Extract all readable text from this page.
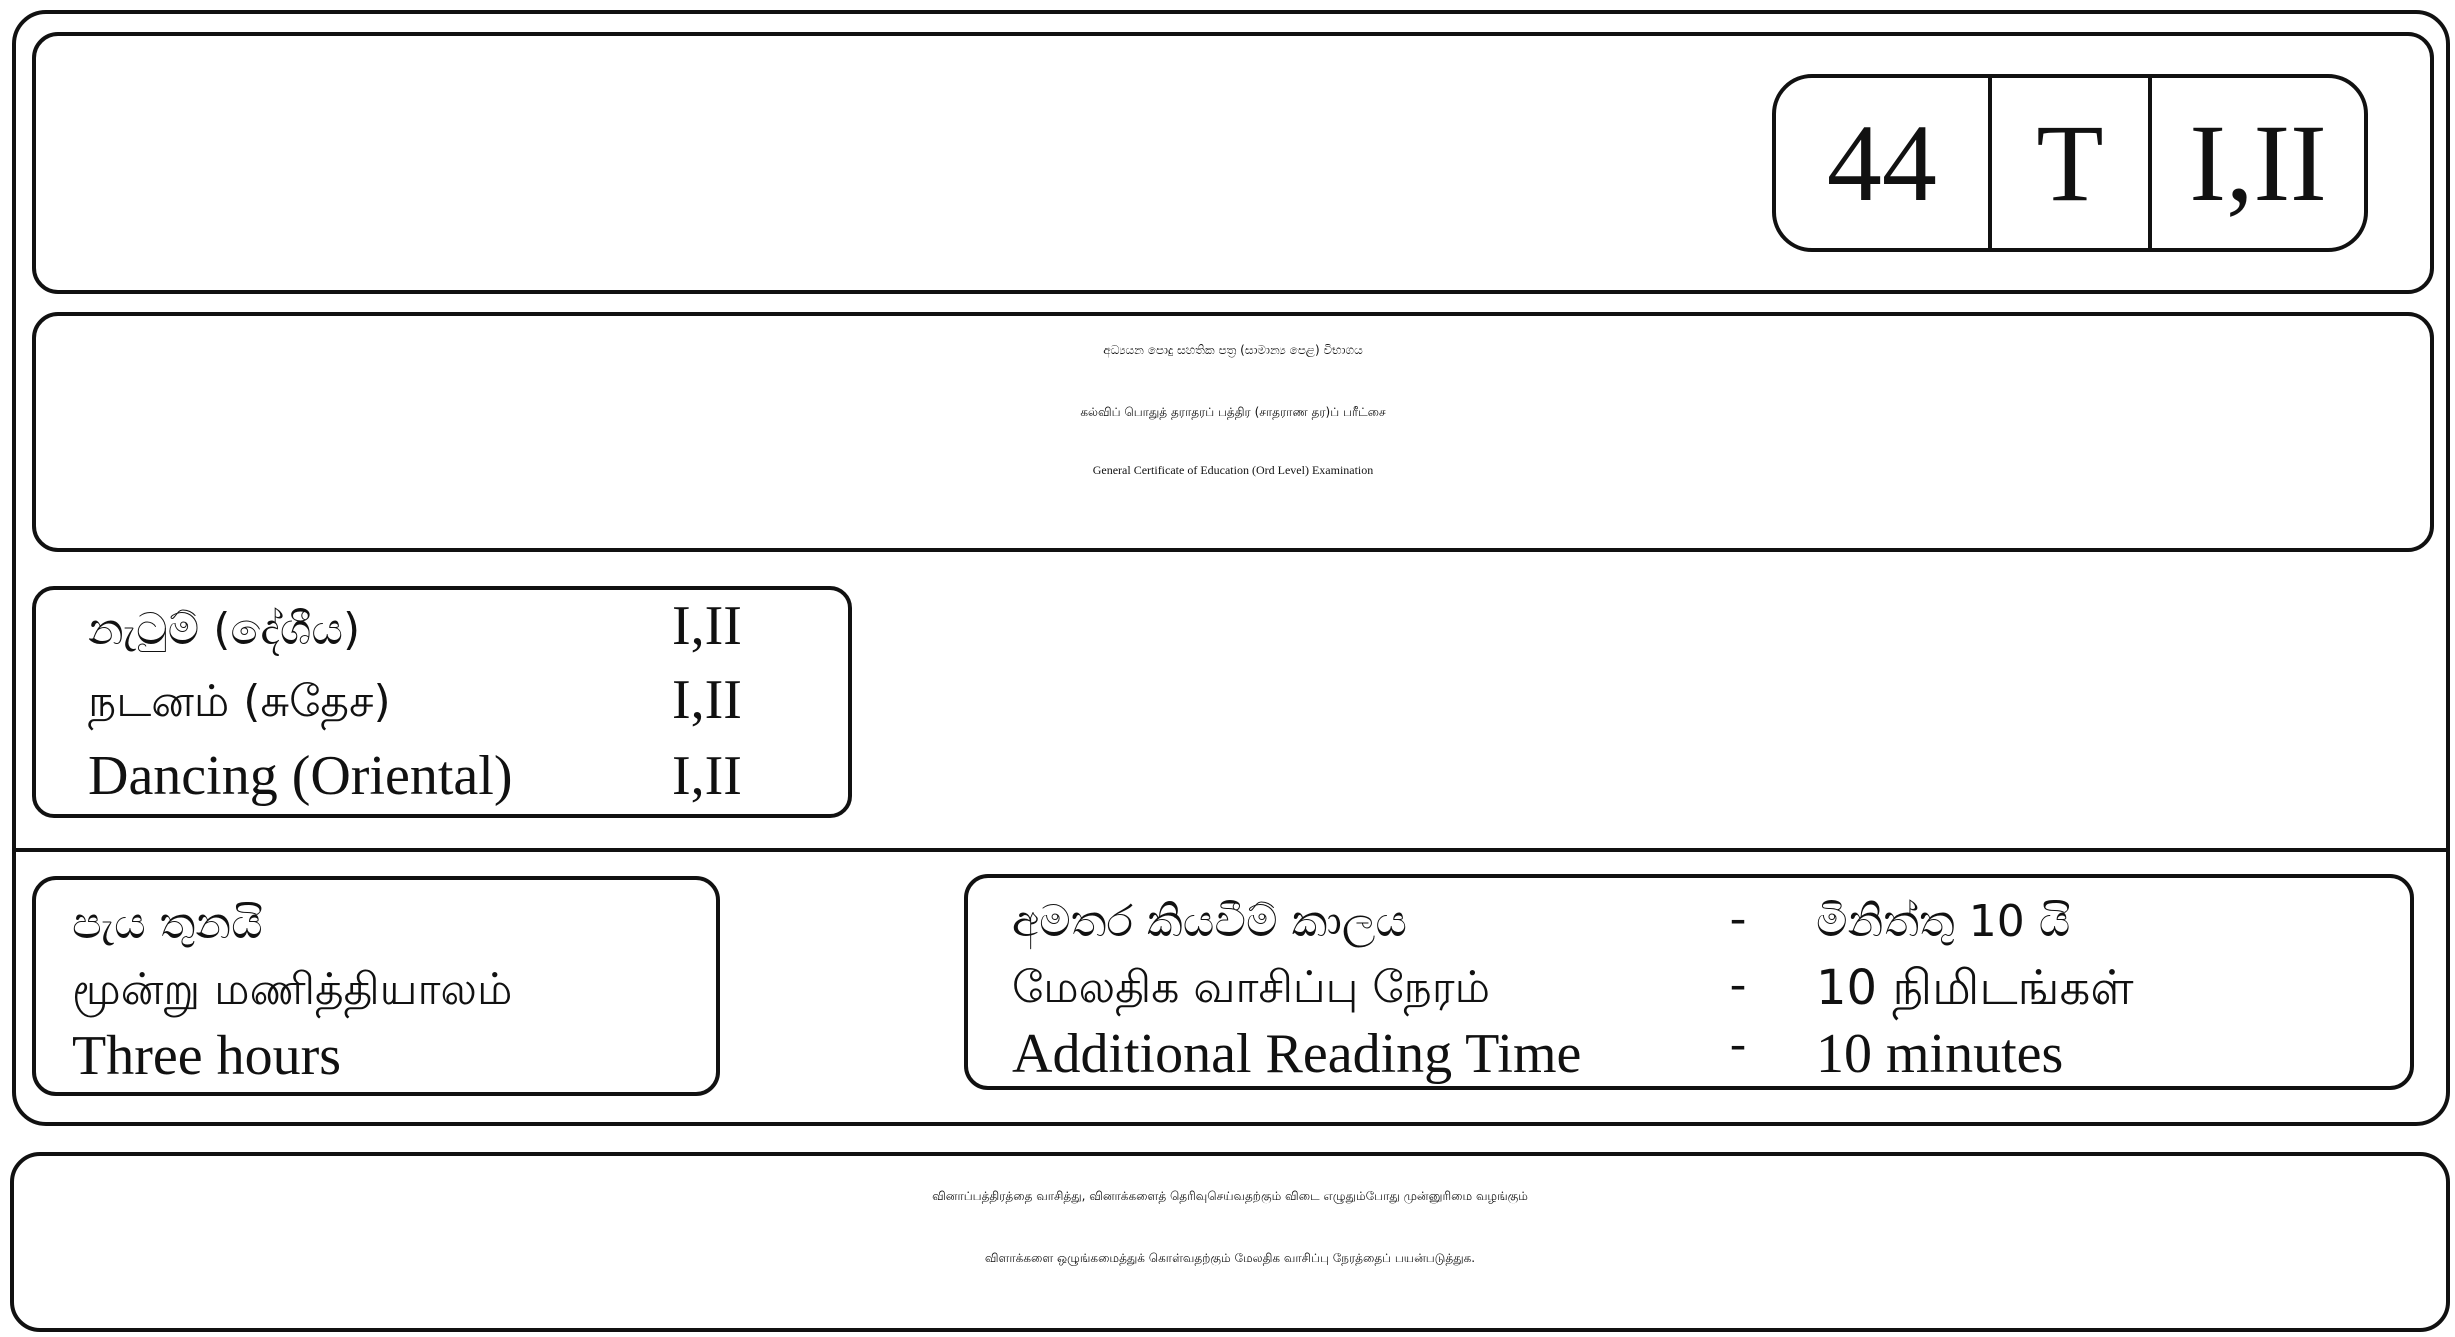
44 T I,II
අධ්‍යයන පොදු සහතික පත්‍ර (සාමාන්‍ය පෙළ) විභාගය
கல்விப் பொதுத் தராதரப் பத்திர (சாதராண தர)ப் பரீட்சை
General Certificate of Education (Ord Level) Examination
නැටුම් (දේශීය)	I,II
நடனம் (சுதேச)	I,II
Dancing (Oriental)	I,II
පැය තුනයි
மூன்று மணித்தியாலம்
Three hours
අමතර කියවීම් කාලය	- මිනිත්තු 10 යි
மேலதிக வாசிப்பு நேரம்	- 10 நிமிடங்கள்
Additional Reading Time	- 10 minutes
வினாப்பத்திரத்தை வாசித்து, வினாக்களைத் தெரிவுசெய்வதற்கும் விடை எழுதும்போது முன்னுரிமை வழங்கும்
விளாக்களை ஒழுங்கமைத்துக் கொள்வதற்கும் மேலதிக வாசிப்பு நேரத்தைப் பயன்படுத்துக.
